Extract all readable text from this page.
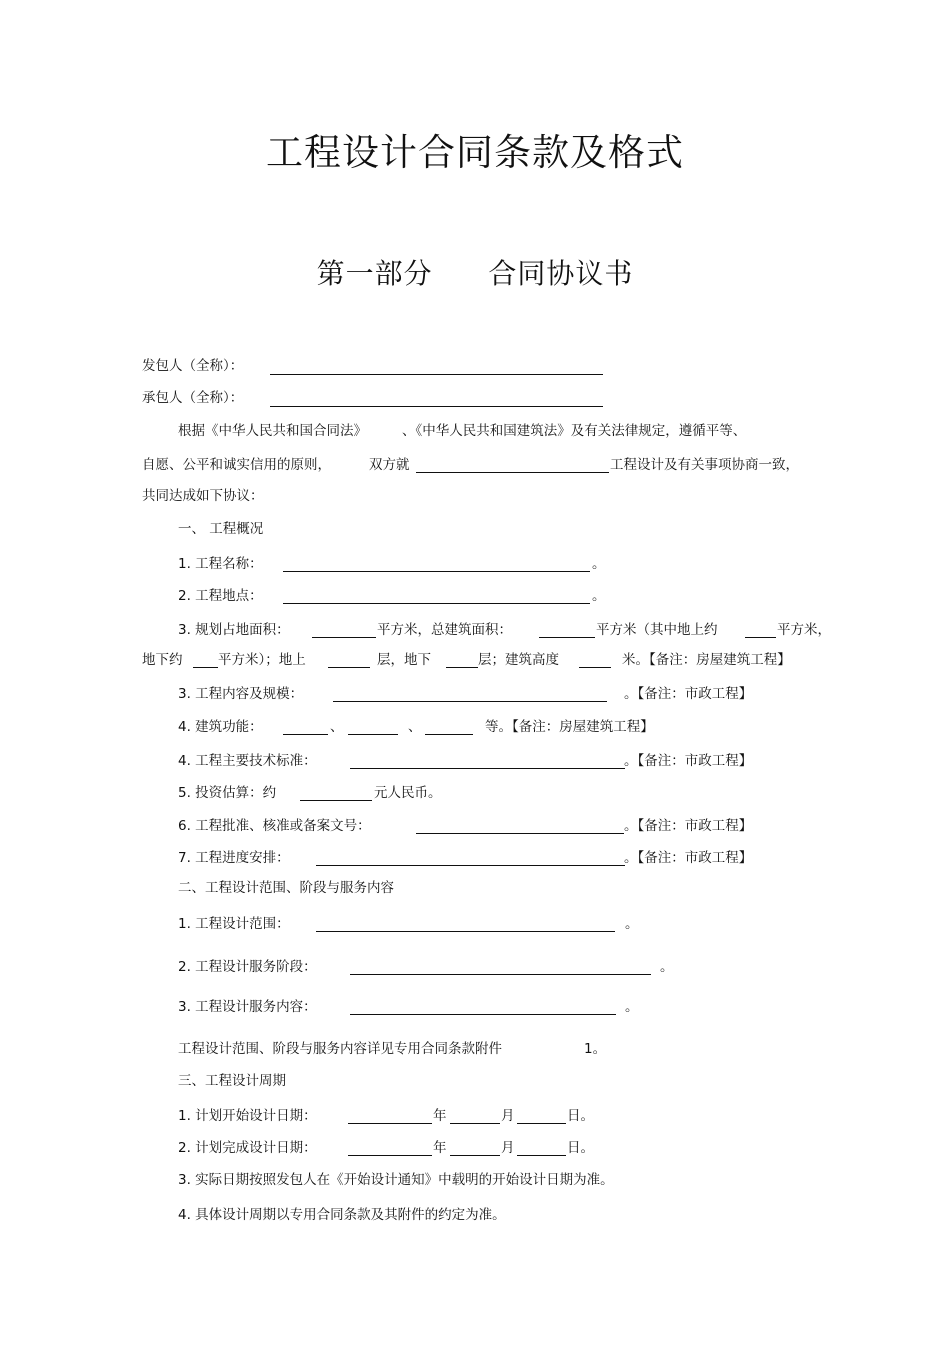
工程设计合同条款及格式
第一部分 合同协议书
发包人（全称）：
承包人（全称）：
根据《中华人民共和国合同法》	、《中华人民共和国建筑法》及有关法律规定，遵循平等、
自愿、公平和诚实信用的原则，	双方就	工程设计及有关事项协商一致，
共同达成如下协议：
一、 工程概况
1. 工程名称：	。
2. 工程地点：	。
3. 规划占地面积：	平方米，总建筑面积：	平方米（其中地上约	平方米，
地下约	平方米）；地上	层，地下	层；建筑高度	米。【备注：房屋建筑工程】
3. 工程内容及规模：	。【备注：市政工程】
4. 建筑功能：	、	、	等。【备注：房屋建筑工程】
4. 工程主要技术标准：	。【备注：市政工程】
5. 投资估算：约	元人民币。
6. 工程批准、核准或备案文号：	。【备注：市政工程】
7. 工程进度安排：	。【备注：市政工程】
二、工程设计范围、阶段与服务内容
1. 工程设计范围：	。
2. 工程设计服务阶段：	。
3. 工程设计服务内容：	。
工程设计范围、阶段与服务内容详见专用合同条款附件	1。
三、工程设计周期
1. 计划开始设计日期：	年	月	日。
2. 计划完成设计日期：	年	月	日。
3. 实际日期按照发包人在《开始设计通知》中载明的开始设计日期为准。
4. 具体设计周期以专用合同条款及其附件的约定为准。
